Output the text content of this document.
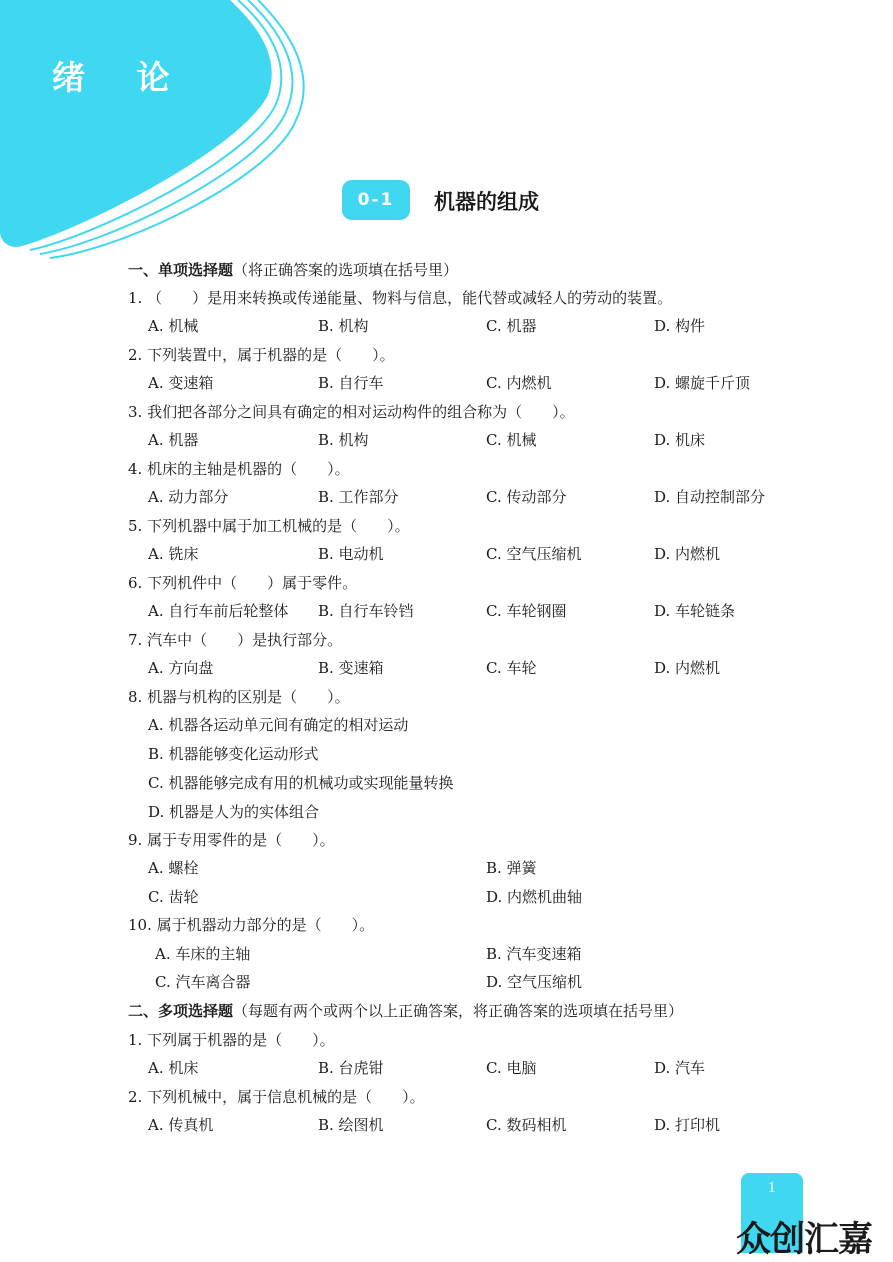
绪 论
0-1	机器的组成
一、单项选择题（将正确答案的选项填在括号里）
1. （　　）是用来转换或传递能量、物料与信息，能代替或减轻人的劳动的装置。
A. 机械	B. 机构	C. 机器	D. 构件
2. 下列装置中，属于机器的是（　　）。
A. 变速箱	B. 自行车	C. 内燃机	D. 螺旋千斤顶
3. 我们把各部分之间具有确定的相对运动构件的组合称为（　　）。
A. 机器	B. 机构	C. 机械	D. 机床
4. 机床的主轴是机器的（　　）。
A. 动力部分	B. 工作部分	C. 传动部分	D. 自动控制部分
5. 下列机器中属于加工机械的是（　　）。
A. 铣床	B. 电动机	C. 空气压缩机	D. 内燃机
6. 下列机件中（　　）属于零件。
A. 自行车前后轮整体 B. 自行车铃铛	C. 车轮钢圈	D. 车轮链条
7. 汽车中（　　）是执行部分。
A. 方向盘	B. 变速箱	C. 车轮	D. 内燃机
8. 机器与机构的区别是（　　）。
A. 机器各运动单元间有确定的相对运动
B. 机器能够变化运动形式
C. 机器能够完成有用的机械功或实现能量转换
D. 机器是人为的实体组合
9. 属于专用零件的是（　　）。
A. 螺栓	B. 弹簧
C. 齿轮	D. 内燃机曲轴
10. 属于机器动力部分的是（　　）。
A. 车床的主轴	B. 汽车变速箱
C. 汽车离合器	D. 空气压缩机
二、多项选择题（每题有两个或两个以上正确答案，将正确答案的选项填在括号里）
1. 下列属于机器的是（　　）。
A. 机床	B. 台虎钳	C. 电脑	D. 汽车
2. 下列机械中，属于信息机械的是（　　）。
A. 传真机	B. 绘图机	C. 数码相机	D. 打印机
1
众创汇嘉
